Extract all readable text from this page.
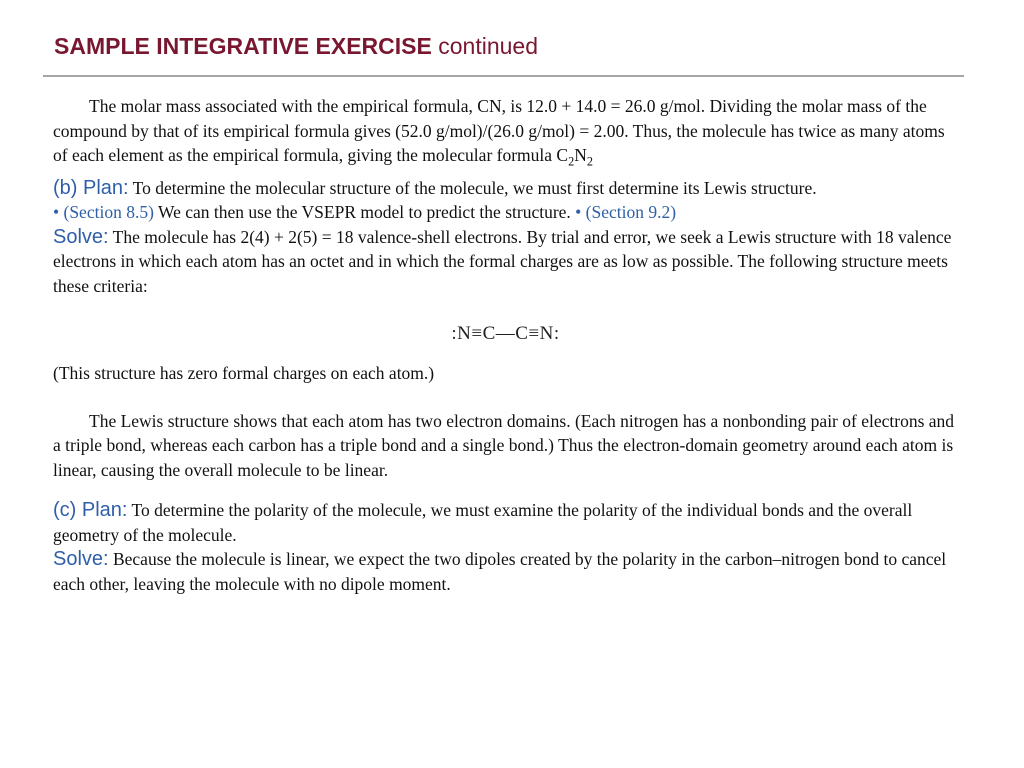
SAMPLE INTEGRATIVE EXERCISE continued

The molar mass associated with the empirical formula, CN, is 12.0 + 14.0 = 26.0 g/mol. Dividing the molar mass of the compound by that of its empirical formula gives (52.0 g/mol)/(26.0 g/mol) = 2.00. Thus, the molecule has twice as many atoms of each element as the empirical formula, giving the molecular formula $C_2N_2$

(b) Plan: To determine the molecular structure of the molecule, we must first determine its Lewis structure.

• (Section 8.5) We can then use the VSEPR model to predict the structure. • (Section 9.2)

Solve: The molecule has 2(4) + 2(5) = 18 valence-shell electrons. By trial and error, we seek a Lewis structure with 18 valence electrons in which each atom has an octet and in which the formal charges are as low as possible. The following structure meets these criteria:

:N≡C—C≡N:

(This structure has zero formal charges on each atom.)

The Lewis structure shows that each atom has two electron domains. (Each nitrogen has a nonbonding pair of electrons and a triple bond, whereas each carbon has a triple bond and a single bond.) Thus the electron-domain geometry around each atom is linear, causing the overall molecule to be linear.

(c) Plan: To determine the polarity of the molecule, we must examine the polarity of the individual bonds and the overall geometry of the molecule.

Solve: Because the molecule is linear, we expect the two dipoles created by the polarity in the carbon–nitrogen bond to cancel each other, leaving the molecule with no dipole moment.
